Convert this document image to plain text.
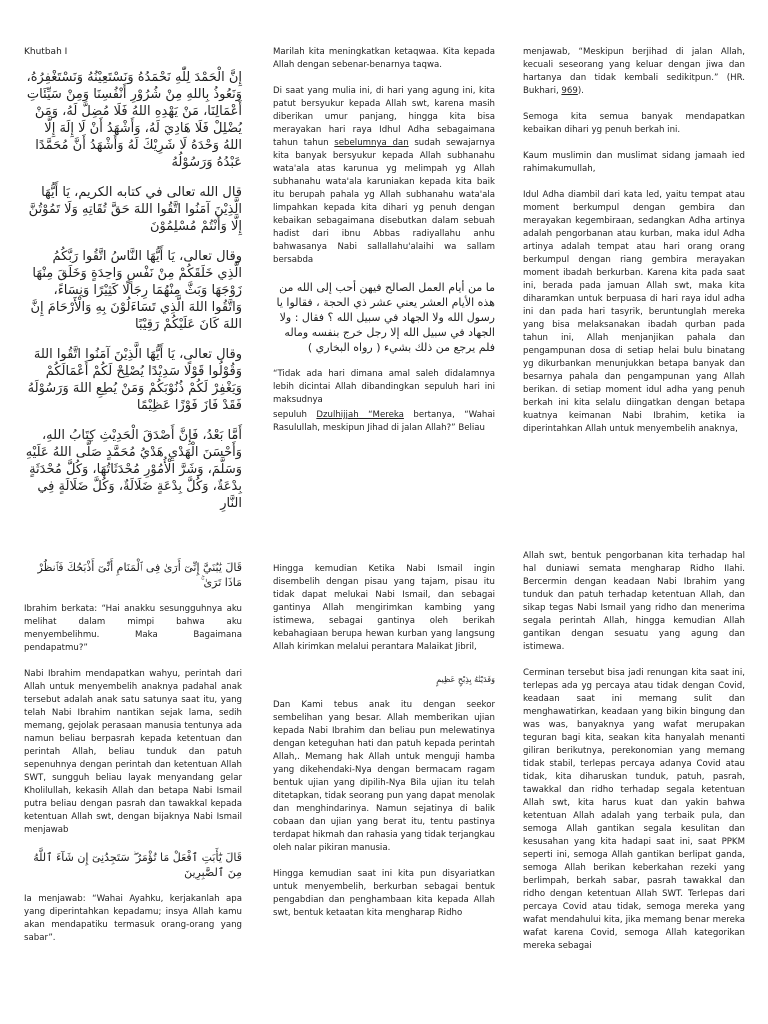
Khutbah I

إِنَّ الْحَمْدَ لِلّٰهِ نَحْمَدُهُ وَنَسْتَعِيْنُهُ وَنَسْتَغْفِرُهُ، وَنَعُوذُ بِاللهِ مِنْ شُرُوْرِ أَنْفُسِنَا وَمِنْ سَيِّئَاتِ أَعْمَالِنَا، مَنْ يَهْدِهِ اللهُ فَلَا مُضِلَّ لَهُ، وَمَنْ يُضْلِلْ فَلَا هَادِيَ لَهُ، وَأَشْهَدُ أَنْ لَا إِلَهَ إِلَّا اللهُ وَحْدَهُ لَا شَرِيْكَ لَهُ وَأَشْهَدُ أَنَّ مُحَمَّدًا عَبْدُهُ وَرَسُوْلُهُ

قال الله تعالى في كتابه الكريم، يَا أَيُّهَا الَّذِيْنَ آمَنُوا اتَّقُوا اللهَ حَقَّ تُقَاتِهِ وَلَا تَمُوْتُنَّ إِلَّا وَأَنْتُمْ مُسْلِمُوْنَ

وقال تعالى، يَا أَيُّهَا النَّاسُ اتَّقُوا رَبَّكُمُ الَّذِي خَلَقَكُمْ مِنْ نَفْسٍ وَاحِدَةٍ وَخَلَقَ مِنْهَا زَوْجَهَا وَبَثَّ مِنْهُمَا رِجَالًا كَثِيْرًا وَنِسَاءً، وَاتَّقُوا اللهَ الَّذِي تَسَاءَلُوْنَ بِهِ وَالْأَرْحَامَ إِنَّ اللهَ كَانَ عَلَيْكُمْ رَقِيْبًا

وقال تعالى، يَا أَيُّهَا الَّذِيْنَ آمَنُوا اتَّقُوا اللهَ وَقُوْلُوا قَوْلًا سَدِيْدًا يُصْلِحْ لَكُمْ أَعْمَالَكُمْ وَيَغْفِرْ لَكُمْ ذُنُوْبَكُمْ وَمَنْ يُطِعِ اللهَ وَرَسُوْلَهُ فَقَدْ فَازَ فَوْزًا عَظِيْمًا

أَمَّا بَعْدُ، فَإِنَّ أَصْدَقَ الْحَدِيْثِ كِتَابُ اللهِ، وَأَحْسَنَ الْهَدْيِ هَدْيُ مُحَمَّدٍ صَلَّى اللهُ عَلَيْهِ وَسَلَّمَ، وَشَرَّ الْأُمُوْرِ مُحْدَثَاتُهَا، وَكُلَّ مُحْدَثَةٍ بِدْعَةٌ، وَكُلَّ بِدْعَةٍ ضَلَالَةٌ، وَكُلَّ ضَلَالَةٍ فِي النَّارِ

Marilah kita meningkatkan ketaqwaa. Kita kepada Allah dengan sebenar-benarnya taqwa.

Di saat yang mulia ini, di hari yang agung ini, kita patut bersyukur kepada Allah swt, karena masih diberikan umur panjang, hingga kita bisa merayakan hari raya Idhul Adha sebagaimana tahun tahun sebelumnya dan sudah sewajarnya kita banyak bersyukur kepada Allah subhanahu wata'ala atas karunua yg melimpah yg Allah subhanahu wata'ala karuniakan kepada kita baik itu berupah pahala yg Allah subhanahu wata'ala limpahkan kepada kita dihari yg penuh dengan kebaikan sebagaimana disebutkan dalam sebuah hadist dari ibnu Abbas radiyallahu anhu bahwasanya Nabi sallallahu'alaihi wa sallam bersabda

ما من أيام العمل الصالح فيهن أحب إلى الله من هذه الأيام العشر يعني عشر ذي الحجة ، فقالوا يا رسول الله ولا الجهاد في سبيل الله ؟ فقال : ولا الجهاد في سبيل الله إلا رجل خرج بنفسه وماله فلم يرجع من ذلك بشيء ( رواه البخاري )

“Tidak ada hari dimana amal saleh didalamnya lebih dicintai Allah dibandingkan sepuluh hari ini maksudnya

sepuluh Dzulhijjah “Mereka bertanya, “Wahai Rasulullah, meskipun Jihad di jalan Allah?” Beliau

menjawab, “Meskipun berjihad di jalan Allah, kecuali seseorang yang keluar dengan jiwa dan hartanya dan tidak kembali sedikitpun.” (HR. Bukhari, 969).

Semoga kita semua banyak mendapatkan kebaikan dihari yg penuh berkah ini.

Kaum muslimin dan muslimat sidang jamaah ied rahimakumullah,

Idul Adha diambil dari kata led, yaitu tempat atau moment berkumpul dengan gembira dan merayakan kegembiraan, sedangkan Adha artinya adalah pengorbanan atau kurban, maka idul Adha artinya adalah tempat atau hari orang orang berkumpul dengan riang gembira merayakan moment ibadah berkurban. Karena kita pada saat ini, berada pada jamuan Allah swt, maka kita diharamkan untuk berpuasa di hari raya idul adha ini dan pada hari tasyrik, beruntunglah mereka yang bisa melaksanakan ibadah qurban pada tahun ini, Allah menjanjikan pahala dan pengampunan dosa di setiap helai bulu binatang yg dikurbankan menunjukkan betapa banyak dan besarnya pahala dan pengampunan yang Allah berikan. di setiap moment idul adha yang penuh berkah ini kita selalu diingatkan dengan betapa kuatnya keimanan Nabi Ibrahim, ketika ia diperintahkan Allah untuk menyembelih anaknya,

قَالَ يَٰبُنَيَّ إِنِّىٓ أَرَىٰ فِى ٱلْمَنَامِ أَنِّىٓ أَذْبَحُكَ فَٱنظُرْ مَاذَا تَرَىٰ ۚ

Ibrahim berkata: “Hai anakku sesungguhnya aku melihat dalam mimpi bahwa aku menyembelihmu. Maka Bagaimana pendapatmu?”

Nabi Ibrahim mendapatkan wahyu, perintah dari Allah untuk menyembelih anaknya padahal anak tersebut adalah anak satu satunya saat itu, yang telah Nabi Ibrahim nantikan sejak lama, sedih memang, gejolak perasaan manusia tentunya ada namun beliau berpasrah kepada ketentuan dan perintah Allah, beliau tunduk dan patuh sepenuhnya dengan perintah dan ketentuan Allah SWT, sungguh beliau layak menyandang gelar Kholilullah, kekasih Allah dan betapa Nabi Ismail putra beliau dengan pasrah dan tawakkal kepada ketentuan Allah swt, dengan bijaknya Nabi Ismail menjawab

قَالَ يَٰٓأَبَتِ ٱفْعَلْ مَا تُؤْمَرُ ۖ سَتَجِدُنِىٓ إِن شَآءَ ٱللَّهُ مِنَ ٱلصَّٰبِرِينَ

Ia menjawab: “Wahai Ayahku, kerjakanlah apa yang diperintahkan kepadamu; insya Allah kamu akan mendapatiku termasuk orang-orang yang sabar”.

Hingga kemudian Ketika Nabi Ismail ingin disembelih dengan pisau yang tajam, pisau itu tidak dapat melukai Nabi Ismail, dan sebagai gantinya Allah mengirimkan kambing yang istimewa, sebagai gantinya oleh berikah kebahagiaan berupa hewan kurban yang langsung Allah kirimkan melalui perantara Malaikat Jibril,

وَفَدَيْنَٰهُ بِذِبْحٍ عَظِيمٍ

Dan Kami tebus anak itu dengan seekor sembelihan yang besar. Allah memberikan ujian kepada Nabi Ibrahim dan beliau pun melewatinya dengan keteguhan hati dan patuh kepada perintah Allah,. Memang hak Allah untuk menguji hamba yang dikehendaki-Nya dengan bermacam ragam bentuk ujian yang dipilih-Nya Bila ujian itu telah ditetapkan, tidak seorang pun yang dapat menolak dan menghindarinya. Namun sejatinya di balik cobaan dan ujian yang berat itu, tentu pastinya terdapat hikmah dan rahasia yang tidak terjangkau oleh nalar pikiran manusia.

Hingga kemudian saat ini kita pun disyariatkan untuk menyembelih, berkurban sebagai bentuk pengabdian dan penghambaan kita kepada Allah swt, bentuk ketaatan kita mengharap Ridho

Allah swt, bentuk pengorbanan kita terhadap hal hal duniawi semata mengharap Ridho Ilahi. Bercermin dengan keadaan Nabi Ibrahim yang tunduk dan patuh terhadap ketentuan Allah, dan sikap tegas Nabi Ismail yang ridho dan menerima segala perintah Allah, hingga kemudian Allah gantikan dengan sesuatu yang agung dan istimewa.

Cerminan tersebut bisa jadi renungan kita saat ini, terlepas ada yg percaya atau tidak dengan Covid, keadaan saat ini memang sulit dan menghawatirkan, keadaan yang bikin bingung dan was was, banyaknya yang wafat merupakan teguran bagi kita, seakan kita hanyalah menanti giliran berikutnya, perekonomian yang memang tidak stabil, terlepas percaya adanya Covid atau tidak, kita diharuskan tunduk, patuh, pasrah, tawakkal dan ridho terhadap segala ketentuan Allah swt, kita harus kuat dan yakin bahwa ketentuan Allah adalah yang terbaik pula, dan semoga Allah gantikan segala kesulitan dan kesusahan yang kita hadapi saat ini, saat PPKM seperti ini, semoga Allah gantikan berlipat ganda, semoga Allah berikan keberkahan rezeki yang berlimpah, berkah sabar, pasrah tawakkal dan ridho dengan ketentuan Allah SWT. Terlepas dari percaya Covid atau tidak, semoga mereka yang wafat mendahului kita, jika memang benar mereka wafat karena Covid, semoga Allah kategorikan mereka sebagai
